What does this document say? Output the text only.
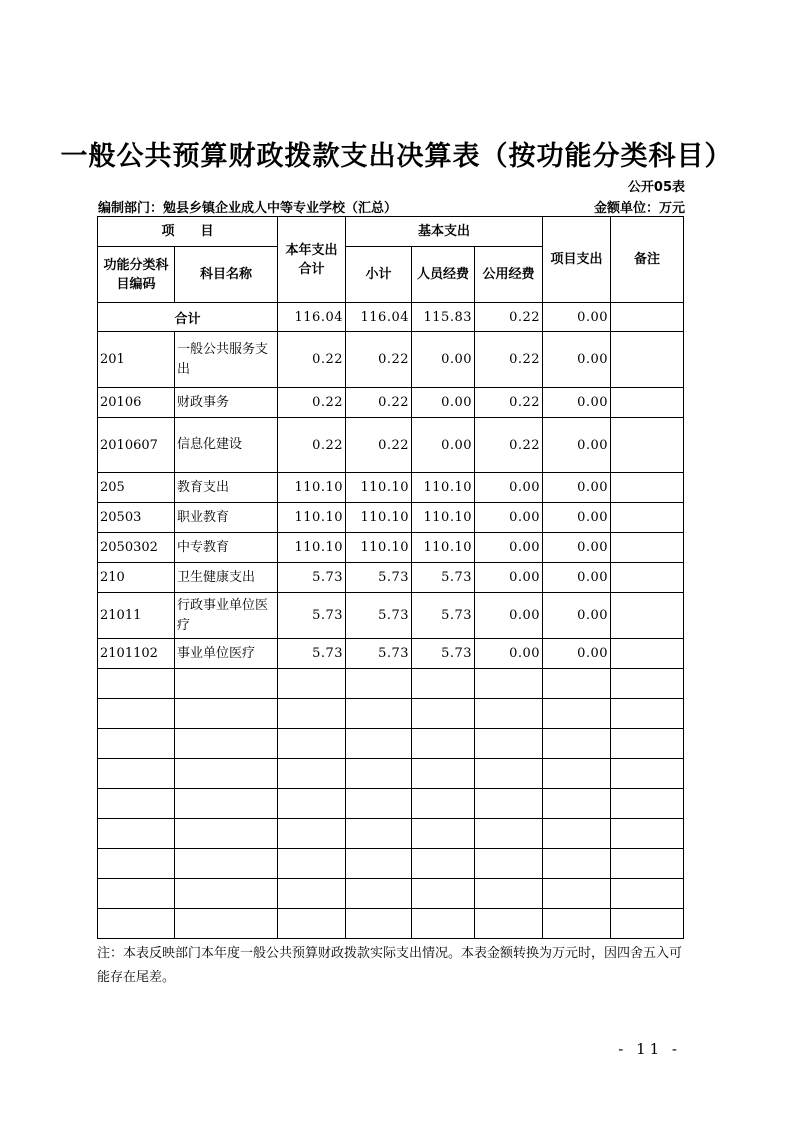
一般公共预算财政拨款支出决算表（按功能分类科目）
公开05表
编制部门：勉县乡镇企业成人中等专业学校（汇总）	金额单位：万元
项　　目		本年支出合计	基本支出			项目支出	备注

功能分类科目编码	科目名称		小计	人员经费	公用经费		
合计		116.04	116.04	115.83	0.22	0.00	
201	一般公共服务支出	0.22	0.22	0.00	0.22	0.00	
20106	财政事务	0.22	0.22	0.00	0.22	0.00	
2010607	信息化建设	0.22	0.22	0.00	0.22	0.00	
205	教育支出	110.10	110.10	110.10	0.00	0.00	
20503	职业教育	110.10	110.10	110.10	0.00	0.00	
2050302	中专教育	110.10	110.10	110.10	0.00	0.00	
210	卫生健康支出	5.73	5.73	5.73	0.00	0.00	
21011	行政事业单位医疗	5.73	5.73	5.73	0.00	0.00	
2101102	事业单位医疗	5.73	5.73	5.73	0.00	0.00	

注：本表反映部门本年度一般公共预算财政拨款实际支出情况。本表金额转换为万元时，因四舍五入可能存在尾差。
- 11 -
